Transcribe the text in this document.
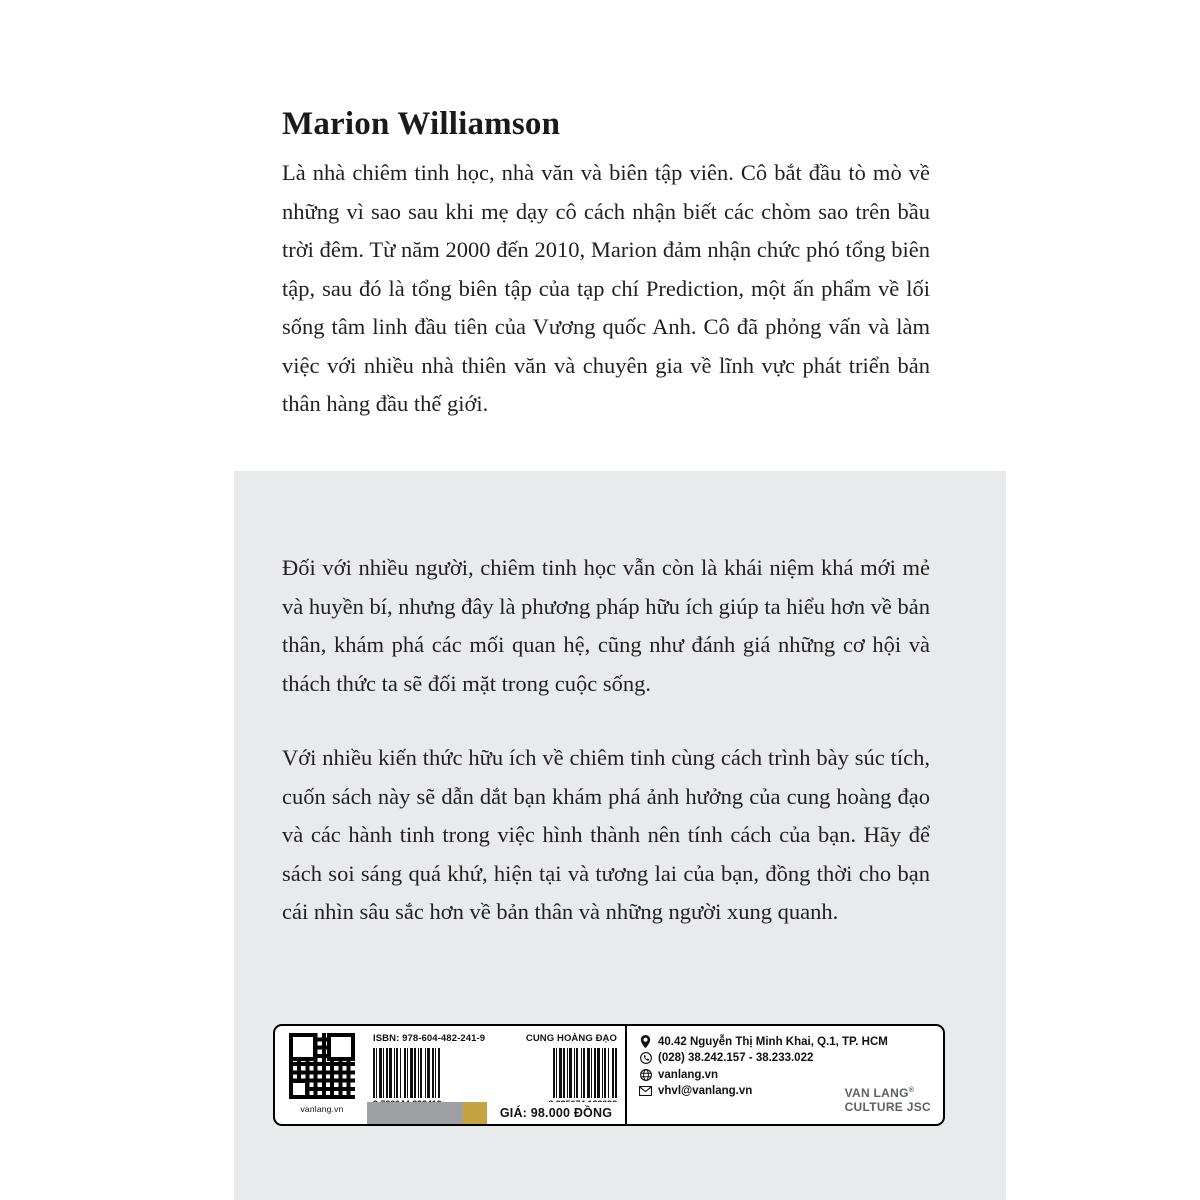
Marion Williamson
Là nhà chiêm tinh học, nhà văn và biên tập viên. Cô bắt đầu tò mò về những vì sao sau khi mẹ dạy cô cách nhận biết các chòm sao trên bầu trời đêm. Từ năm 2000 đến 2010, Marion đảm nhận chức phó tổng biên tập, sau đó là tổng biên tập của tạp chí Prediction, một ấn phẩm về lối sống tâm linh đầu tiên của Vương quốc Anh. Cô đã phỏng vấn và làm việc với nhiều nhà thiên văn và chuyên gia về lĩnh vực phát triển bản thân hàng đầu thế giới.
Đối với nhiều người, chiêm tinh học vẫn còn là khái niệm khá mới mẻ và huyền bí, nhưng đây là phương pháp hữu ích giúp ta hiểu hơn về bản thân, khám phá các mối quan hệ, cũng như đánh giá những cơ hội và thách thức ta sẽ đối mặt trong cuộc sống.
Với nhiều kiến thức hữu ích về chiêm tinh cùng cách trình bày súc tích, cuốn sách này sẽ dẫn dắt bạn khám phá ảnh hưởng của cung hoàng đạo và các hành tinh trong việc hình thành nên tính cách của bạn. Hãy để sách soi sáng quá khứ, hiện tại và tương lai của bạn, đồng thời cho bạn cái nhìn sâu sắc hơn về bản thân và những người xung quanh.
vanlang.vn
ISBN: 978-604-482-241-9	CUNG HOÀNG ĐẠO
GIÁ: 98.000 ĐỒNG
40.42 Nguyễn Thị Minh Khai, Q.1, TP. HCM
(028) 38.242.157 - 38.233.022
vanlang.vn
vhvl@vanlang.vn	VAN LANG®
CULTURE JSC
